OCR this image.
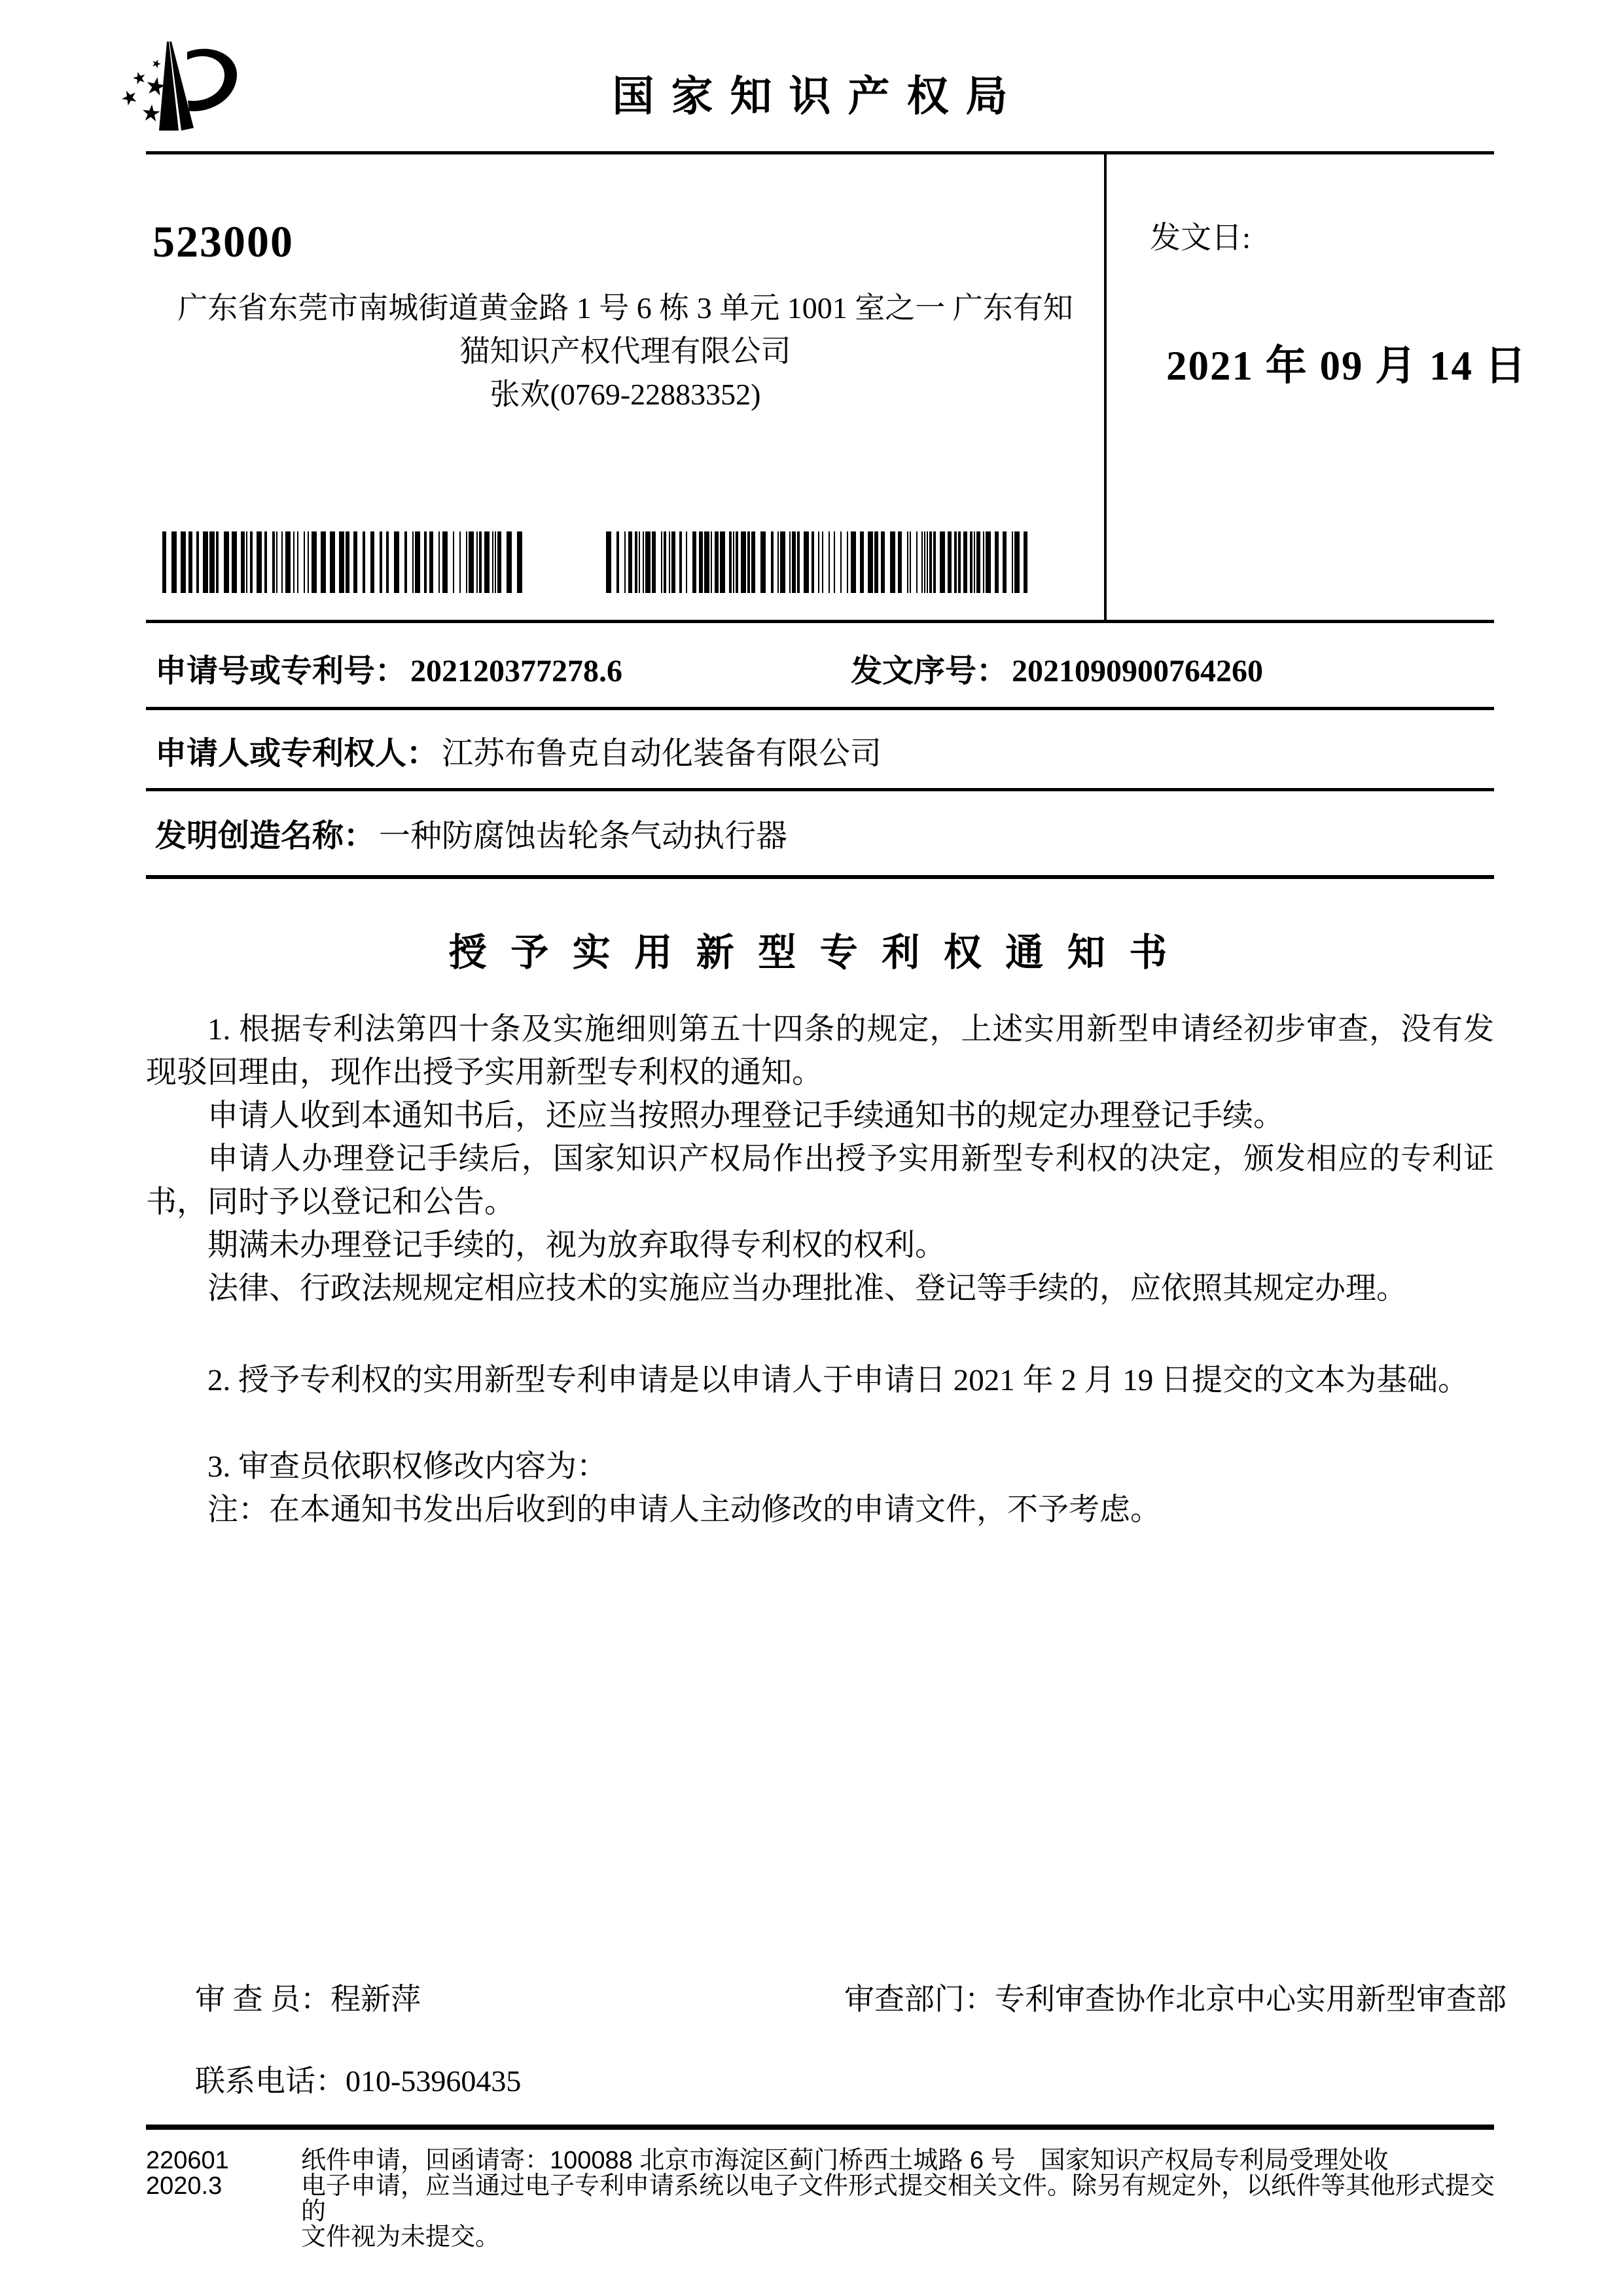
国 家 知 识 产 权 局
523000
广东省东莞市南城街道黄金路 1 号 6 栋 3 单元 1001 室之一 广东有知
猫知识产权代理有限公司
张欢(0769-22883352)
发文日:
2021 年 09 月 14 日
申请号或专利号： 202120377278.6	发文序号： 2021090900764260
申请人或专利权人： 江苏布鲁克自动化装备有限公司
发明创造名称： 一种防腐蚀齿轮条气动执行器
授 予 实 用 新 型 专 利 权 通 知 书

1. 根据专利法第四十条及实施细则第五十四条的规定，上述实用新型申请经初步审查，没有发现驳回理由，现作出授予实用新型专利权的通知。

申请人收到本通知书后，还应当按照办理登记手续通知书的规定办理登记手续。

申请人办理登记手续后，国家知识产权局作出授予实用新型专利权的决定，颁发相应的专利证书，同时予以登记和公告。

期满未办理登记手续的，视为放弃取得专利权的权利。

法律、行政法规规定相应技术的实施应当办理批准、登记等手续的，应依照其规定办理。

2. 授予专利权的实用新型专利申请是以申请人于申请日 2021 年 2 月 19 日提交的文本为基础。

3. 审查员依职权修改内容为：

注：在本通知书发出后收到的申请人主动修改的申请文件，不予考虑。

审 查 员：程新萍	审查部门：专利审查协作北京中心实用新型审查部
联系电话：010-53960435
220601
2020.3
纸件申请，回函请寄：100088 北京市海淀区蓟门桥西土城路 6 号　国家知识产权局专利局受理处收
电子申请，应当通过电子专利申请系统以电子文件形式提交相关文件。除另有规定外，以纸件等其他形式提交的
文件视为未提交。
